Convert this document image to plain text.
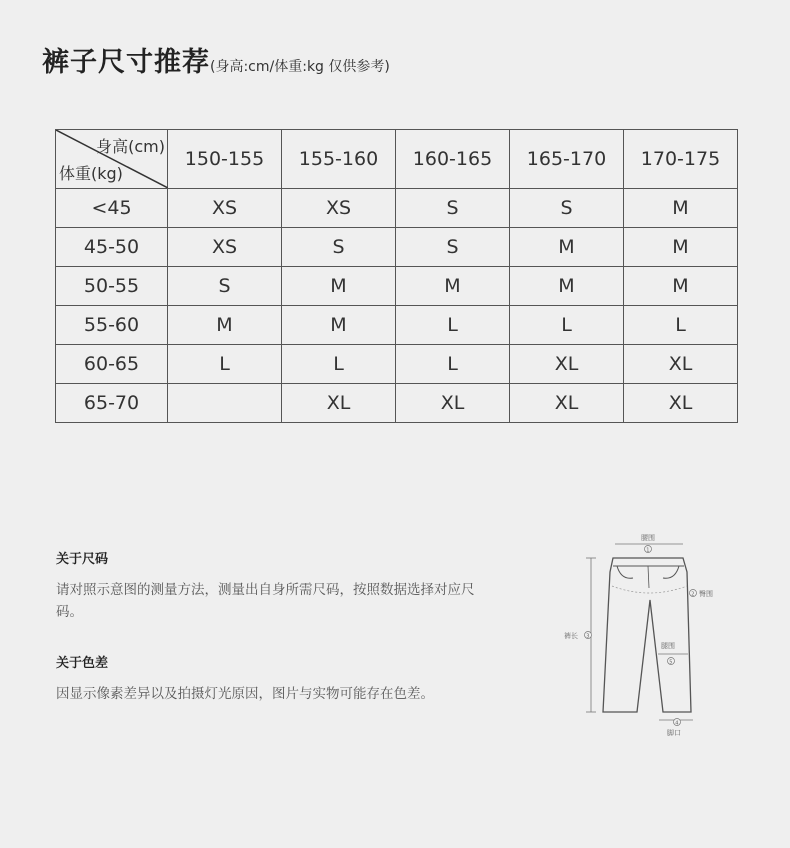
裤子尺寸推荐(身高:cm/体重:kg 仅供参考)
身高(cm)
体重(kg)	150-155	155-160	160-165	165-170	170-175
<45	XS	XS	S	S	M
45-50	XS	S	S	M	M
50-55	S	M	M	M	M
55-60	M	M	L	L	L
60-65	L	L	L	XL	XL
65-70		XL	XL	XL	XL
关于尺码

请对照示意图的测量方法，测量出自身所需尺码，按照数据选择对应尺码。

关于色差

因显示像素差异以及拍摄灯光原因，图片与实物可能存在色差。

腰围
1
2 臀围
3
裤长
腿围
5
4
脚口
